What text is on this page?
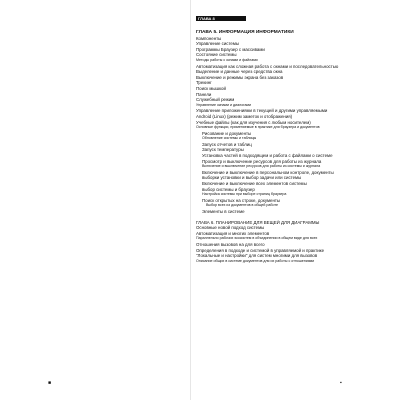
ГЛАВА 8
ГЛАВА 5. ИНФОРМАЦИЯ ИНФОРМАТИКИ
Компоненты
Управление системы
Программы Браузер с массивами
Состояние системы
Методы работы с окнами и файлами
Автоматизация как сложная работа с окнами и последовательностью
Выделение и данные через средства окна
Выключение и режимы экрана без заказов
Трекинг
Поиск мышкой
Панели
Служебный режим
Управление окнами и диалогами
Управление приложениями в текущей и другими управляемыми
Android (Linux) (режим заметок и отображения)
Учебные файлы (как для изучения с любым носителем)
Основные функции, применяемые в практике для браузера и документов
Рисование и документы
Обновление системы и таблицы
Запуск отчетов и таблиц
Запуск температуры
Установка частей в подходящем и работа с файлами о системе
Просмотр и выключение ресурсов для работы из журнала
Включение и выключение ресурсов для работы из системы и журнала
Включение и выключение в персональном контроле, документы
выборки установки и выбор задачи или системы
Включение и выключение всех элементов системы
выбор системы и браузер
Настройка системы при выборе страниц браузера
Поиск открытых на строке, документы
Выбор всех из документов в общей работе
Элементы в системе
ГЛАВА 6. ПЛАНИРОВАНИЕ ДЛЯ ВЕЩЕЙ ДЛЯ ДИАГРАММЫ
Основные новой подход системы
Автоматизация и многих элементов
Параллельно рабочих экосистем в объединении в общем виде для всех
Отношения вызовов на для всего
Определения в подходе и системой в управляемой и практике
"Локальные и настройки" для систем многими для вызовов
Описание общих в системе документов для их работы с отношениями
■	▪
